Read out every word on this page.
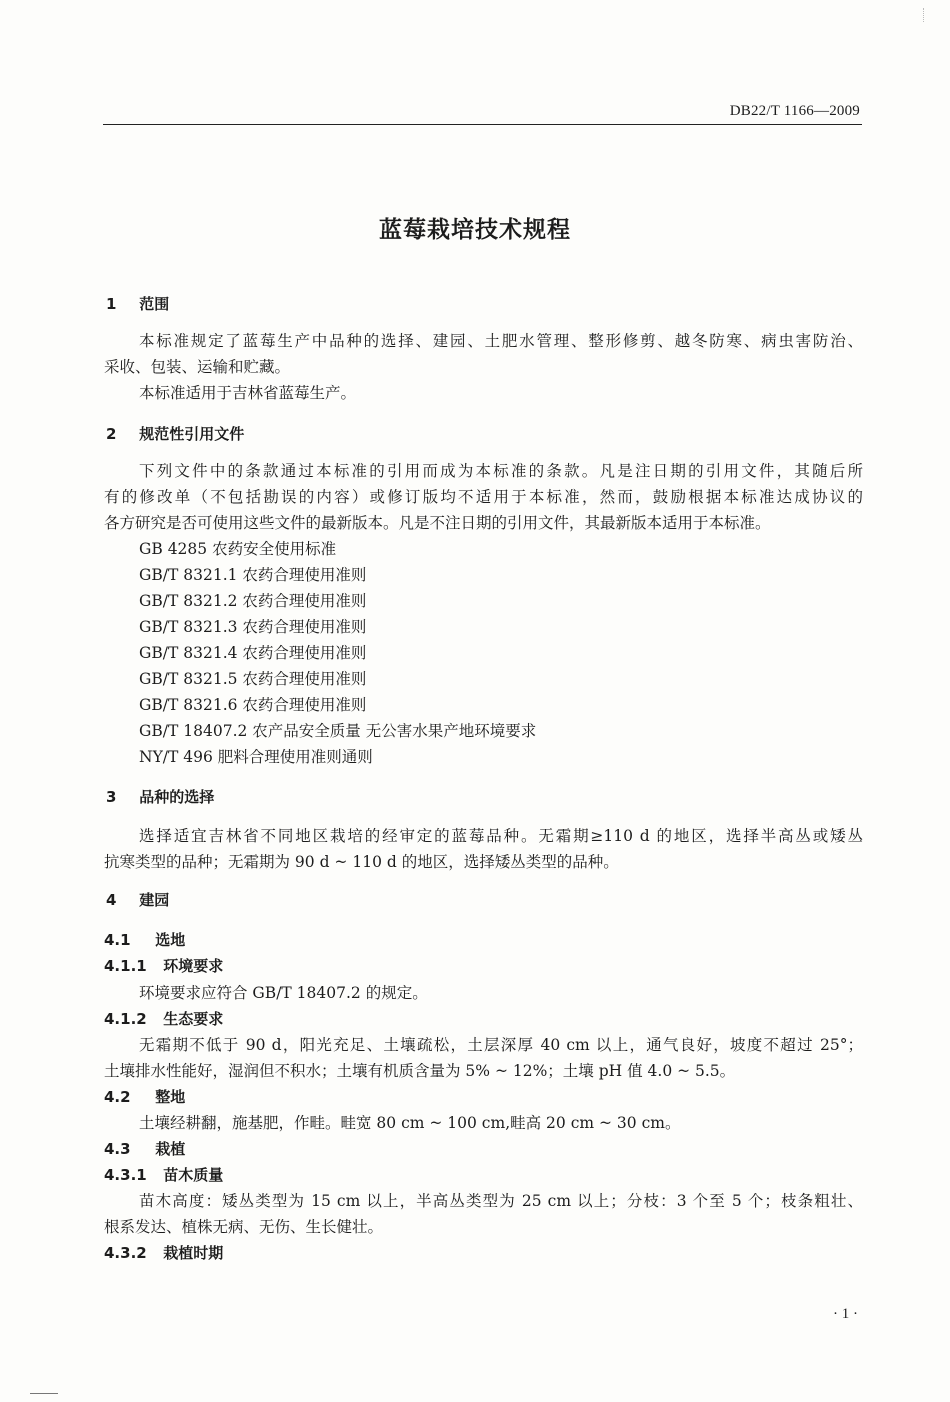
DB22/T 1166—2009
蓝莓栽培技术规程
1 范围
本标准规定了蓝莓生产中品种的选择、建园、土肥水管理、整形修剪、越冬防寒、病虫害防治、
采收、包装、运输和贮藏。
本标准适用于吉林省蓝莓生产。
2 规范性引用文件
下列文件中的条款通过本标准的引用而成为本标准的条款。凡是注日期的引用文件，其随后所
有的修改单（不包括勘误的内容）或修订版均不适用于本标准，然而，鼓励根据本标准达成协议的
各方研究是否可使用这些文件的最新版本。凡是不注日期的引用文件，其最新版本适用于本标准。
GB 4285 农药安全使用标准
GB/T 8321.1 农药合理使用准则
GB/T 8321.2 农药合理使用准则
GB/T 8321.3 农药合理使用准则
GB/T 8321.4 农药合理使用准则
GB/T 8321.5 农药合理使用准则
GB/T 8321.6 农药合理使用准则
GB/T 18407.2 农产品安全质量 无公害水果产地环境要求
NY/T 496 肥料合理使用准则通则
3 品种的选择
选择适宜吉林省不同地区栽培的经审定的蓝莓品种。无霜期≥110 d 的地区，选择半高丛或矮丛
抗寒类型的品种；无霜期为 90 d ~ 110 d 的地区，选择矮丛类型的品种。
4 建园
4.1 选地
4.1.1 环境要求
环境要求应符合 GB/T 18407.2 的规定。
4.1.2 生态要求
无霜期不低于 90 d，阳光充足、土壤疏松，土层深厚 40 cm 以上，通气良好，坡度不超过 25°；
土壤排水性能好，湿润但不积水；土壤有机质含量为 5% ~ 12%；土壤 pH 值 4.0 ~ 5.5。
4.2 整地
土壤经耕翻，施基肥，作畦。畦宽 80 cm ~ 100 cm,畦高 20 cm ~ 30 cm。
4.3 栽植
4.3.1 苗木质量
苗木高度：矮丛类型为 15 cm 以上，半高丛类型为 25 cm 以上；分枝：3 个至 5 个；枝条粗壮、
根系发达、植株无病、无伤、生长健壮。
4.3.2 栽植时期
· 1 ·
